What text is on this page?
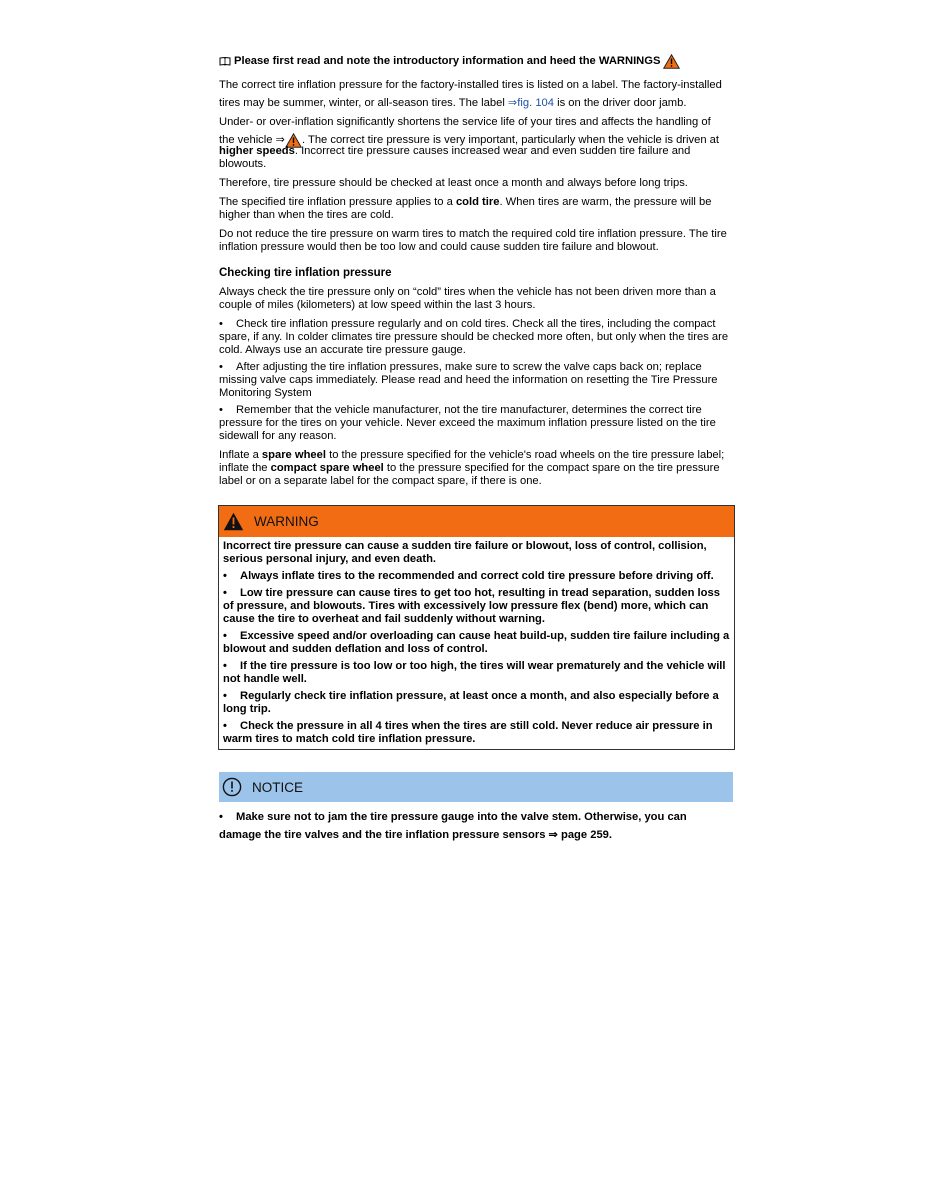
Please first read and note the introductory information and heed the WARNINGS

The correct tire inflation pressure for the factory-installed tires is listed on a label. The factory-installed
tires may be summer, winter, or all-season tires. The label ⇒fig. 104 is on the driver door jamb.

Under- or over-inflation significantly shortens the service life of your tires and affects the handling of
the vehicle ⇒ . The correct tire pressure is very important, particularly when the vehicle is driven at

higher speeds. Incorrect tire pressure causes increased wear and even sudden tire failure and blowouts.

Therefore, tire pressure should be checked at least once a month and always before long trips.

The specified tire inflation pressure applies to a cold tire. When tires are warm, the pressure will be higher than when the tires are cold.

Do not reduce the tire pressure on warm tires to match the required cold tire inflation pressure. The tire inflation pressure would then be too low and could cause sudden tire failure and blowout.

Checking tire inflation pressure

Always check the tire pressure only on “cold” tires when the vehicle has not been driven more than a couple of miles (kilometers) at low speed within the last 3 hours.

• Check tire inflation pressure regularly and on cold tires. Check all the tires, including the compact spare, if any. In colder climates tire pressure should be checked more often, but only when the tires are cold. Always use an accurate tire pressure gauge.

• After adjusting the tire inflation pressures, make sure to screw the valve caps back on; replace missing valve caps immediately. Please read and heed the information on resetting the Tire Pressure Monitoring System

• Remember that the vehicle manufacturer, not the tire manufacturer, determines the correct tire pressure for the tires on your vehicle. Never exceed the maximum inflation pressure listed on the tire sidewall for any reason.

Inflate a spare wheel to the pressure specified for the vehicle's road wheels on the tire pressure label; inflate the compact spare wheel to the pressure specified for the compact spare on the tire pressure label or on a separate label for the compact spare, if there is one.

WARNING

Incorrect tire pressure can cause a sudden tire failure or blowout, loss of control, collision, serious personal injury, and even death.

• Always inflate tires to the recommended and correct cold tire pressure before driving off.

• Low tire pressure can cause tires to get too hot, resulting in tread separation, sudden loss of pressure, and blowouts. Tires with excessively low pressure flex (bend) more, which can cause the tire to overheat and fail suddenly without warning.

• Excessive speed and/or overloading can cause heat build-up, sudden tire failure including a blowout and sudden deflation and loss of control.

• If the tire pressure is too low or too high, the tires will wear prematurely and the vehicle will not handle well.

• Regularly check tire inflation pressure, at least once a month, and also especially before a long trip.

• Check the pressure in all 4 tires when the tires are still cold. Never reduce air pressure in warm tires to match cold tire inflation pressure.

NOTICE
• Make sure not to jam the tire pressure gauge into the valve stem. Otherwise, you can
damage the tire valves and the tire inflation pressure sensors ⇒ page 259.
